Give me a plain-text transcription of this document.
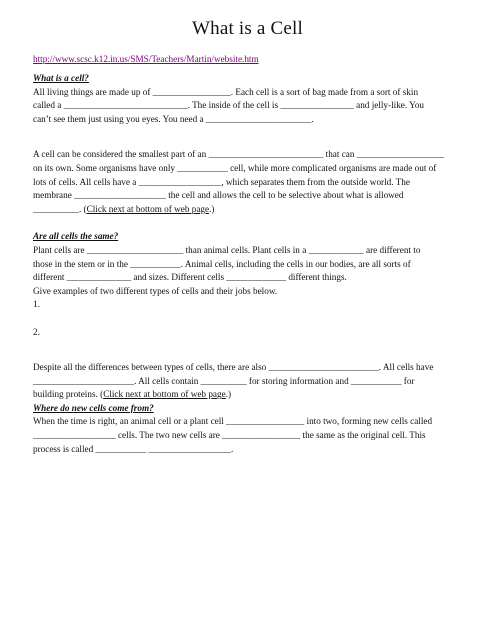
What is a Cell
http://www.scsc.k12.in.us/SMS/Teachers/Martin/website.htm
What is a cell?
All living things are made up of _________________. Each cell is a sort of bag made from a sort of skin
called a ___________________________. The inside of the cell is ________________ and jelly-like. You
can’t see them just using you eyes. You need a _______________________.
A cell can be considered the smallest part of an _________________________ that can ___________________
on its own. Some organisms have only ___________ cell, while more complicated organisms are made out of
lots of cells. All cells have a __________________, which separates them from the outside world. The
membrane ____________________ the cell and allows the cell to be selective about what is allowed
__________. (Click next at bottom of web page.)
Are all cells the same?
Plant cells are _____________________ than animal cells. Plant cells in a ____________ are different to
those in the stem or in the ___________. Animal cells, including the cells in our bodies, are all sorts of
different ______________ and sizes. Different cells _____________ different things.
Give examples of two different types of cells and their jobs below.
1.
2.
Despite all the differences between types of cells, there are also ________________________. All cells have
______________________. All cells contain __________ for storing information and ___________ for
building proteins. (Click next at bottom of web page.)
Where do new cells come from?
When the time is right, an animal cell or a plant cell _________________ into two, forming new cells called
__________________ cells. The two new cells are _________________ the same as the original cell. This
process is called ___________ __________________.
